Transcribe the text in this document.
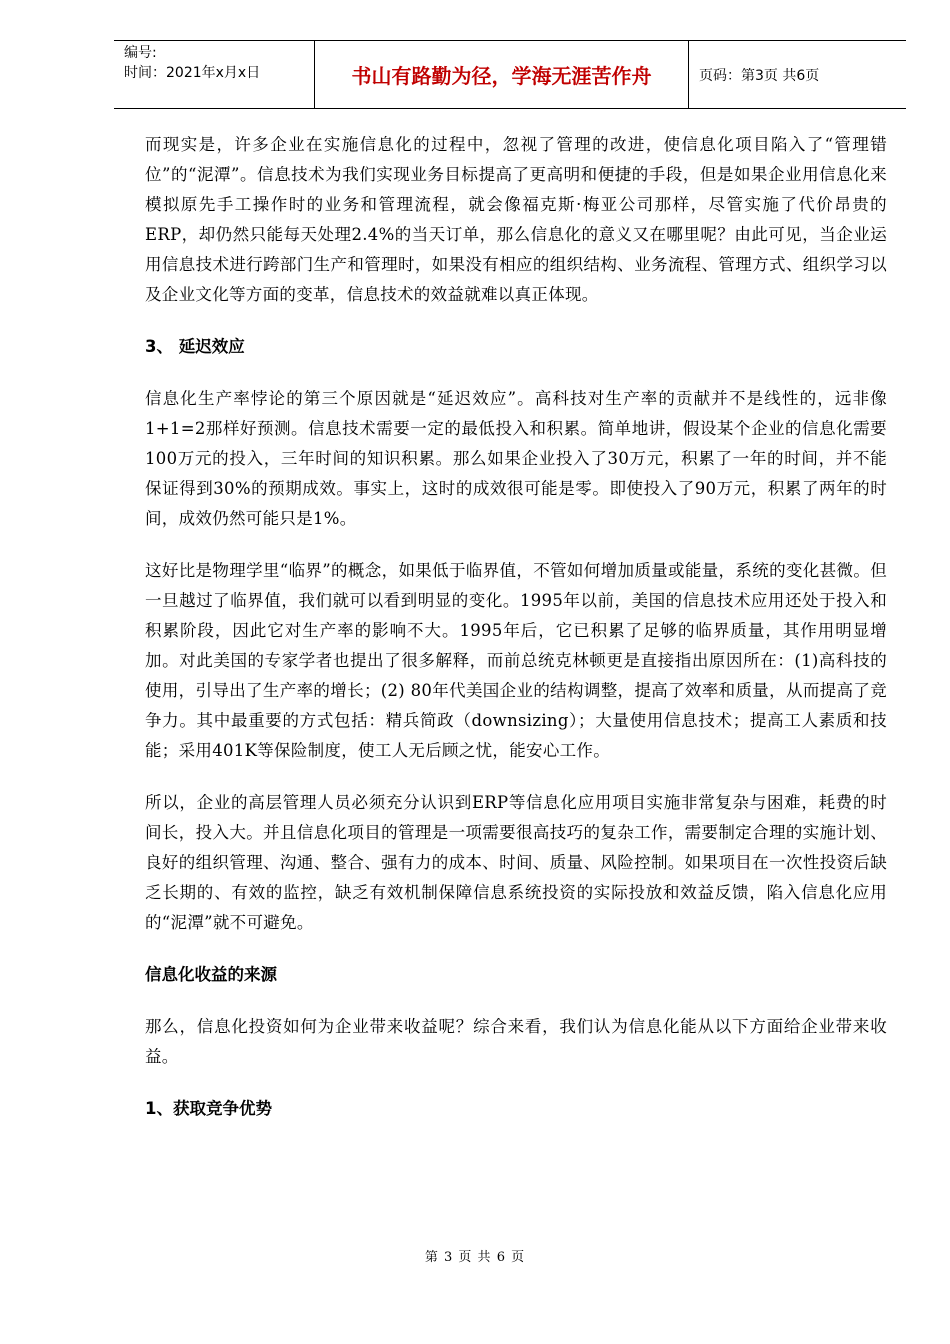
编号:
时间：2021年x月x日	书山有路勤为径，学海无涯苦作舟	页码：第3页 共6页

而现实是，许多企业在实施信息化的过程中，忽视了管理的改进，使信息化项目陷入了“管理错位”的“泥潭”。信息技术为我们实现业务目标提高了更高明和便捷的手段，但是如果企业用信息化来模拟原先手工操作时的业务和管理流程，就会像福克斯·梅亚公司那样，尽管实施了代价昂贵的ERP，却仍然只能每天处理2.4%的当天订单，那么信息化的意义又在哪里呢？由此可见，当企业运用信息技术进行跨部门生产和管理时，如果没有相应的组织结构、业务流程、管理方式、组织学习以及企业文化等方面的变革，信息技术的效益就难以真正体现。

3、 延迟效应

信息化生产率悖论的第三个原因就是“延迟效应”。高科技对生产率的贡献并不是线性的，远非像1+1=2那样好预测。信息技术需要一定的最低投入和积累。简单地讲，假设某个企业的信息化需要100万元的投入，三年时间的知识积累。那么如果企业投入了30万元，积累了一年的时间，并不能保证得到30%的预期成效。事实上，这时的成效很可能是零。即使投入了90万元，积累了两年的时间，成效仍然可能只是1%。

这好比是物理学里“临界”的概念，如果低于临界值，不管如何增加质量或能量，系统的变化甚微。但一旦越过了临界值，我们就可以看到明显的变化。1995年以前，美国的信息技术应用还处于投入和积累阶段，因此它对生产率的影响不大。1995年后，它已积累了足够的临界质量，其作用明显增加。对此美国的专家学者也提出了很多解释，而前总统克林顿更是直接指出原因所在：(1)高科技的使用，引导出了生产率的增长；(2) 80年代美国企业的结构调整，提高了效率和质量，从而提高了竞争力。其中最重要的方式包括：精兵简政（downsizing）；大量使用信息技术；提高工人素质和技能；采用401K等保险制度，使工人无后顾之忧，能安心工作。

所以，企业的高层管理人员必须充分认识到ERP等信息化应用项目实施非常复杂与困难，耗费的时间长，投入大。并且信息化项目的管理是一项需要很高技巧的复杂工作，需要制定合理的实施计划、良好的组织管理、沟通、整合、强有力的成本、时间、质量、风险控制。如果项目在一次性投资后缺乏长期的、有效的监控，缺乏有效机制保障信息系统投资的实际投放和效益反馈，陷入信息化应用的“泥潭”就不可避免。

信息化收益的来源

那么，信息化投资如何为企业带来收益呢？综合来看，我们认为信息化能从以下方面给企业带来收益。

1、获取竞争优势
第 3 页 共 6 页
